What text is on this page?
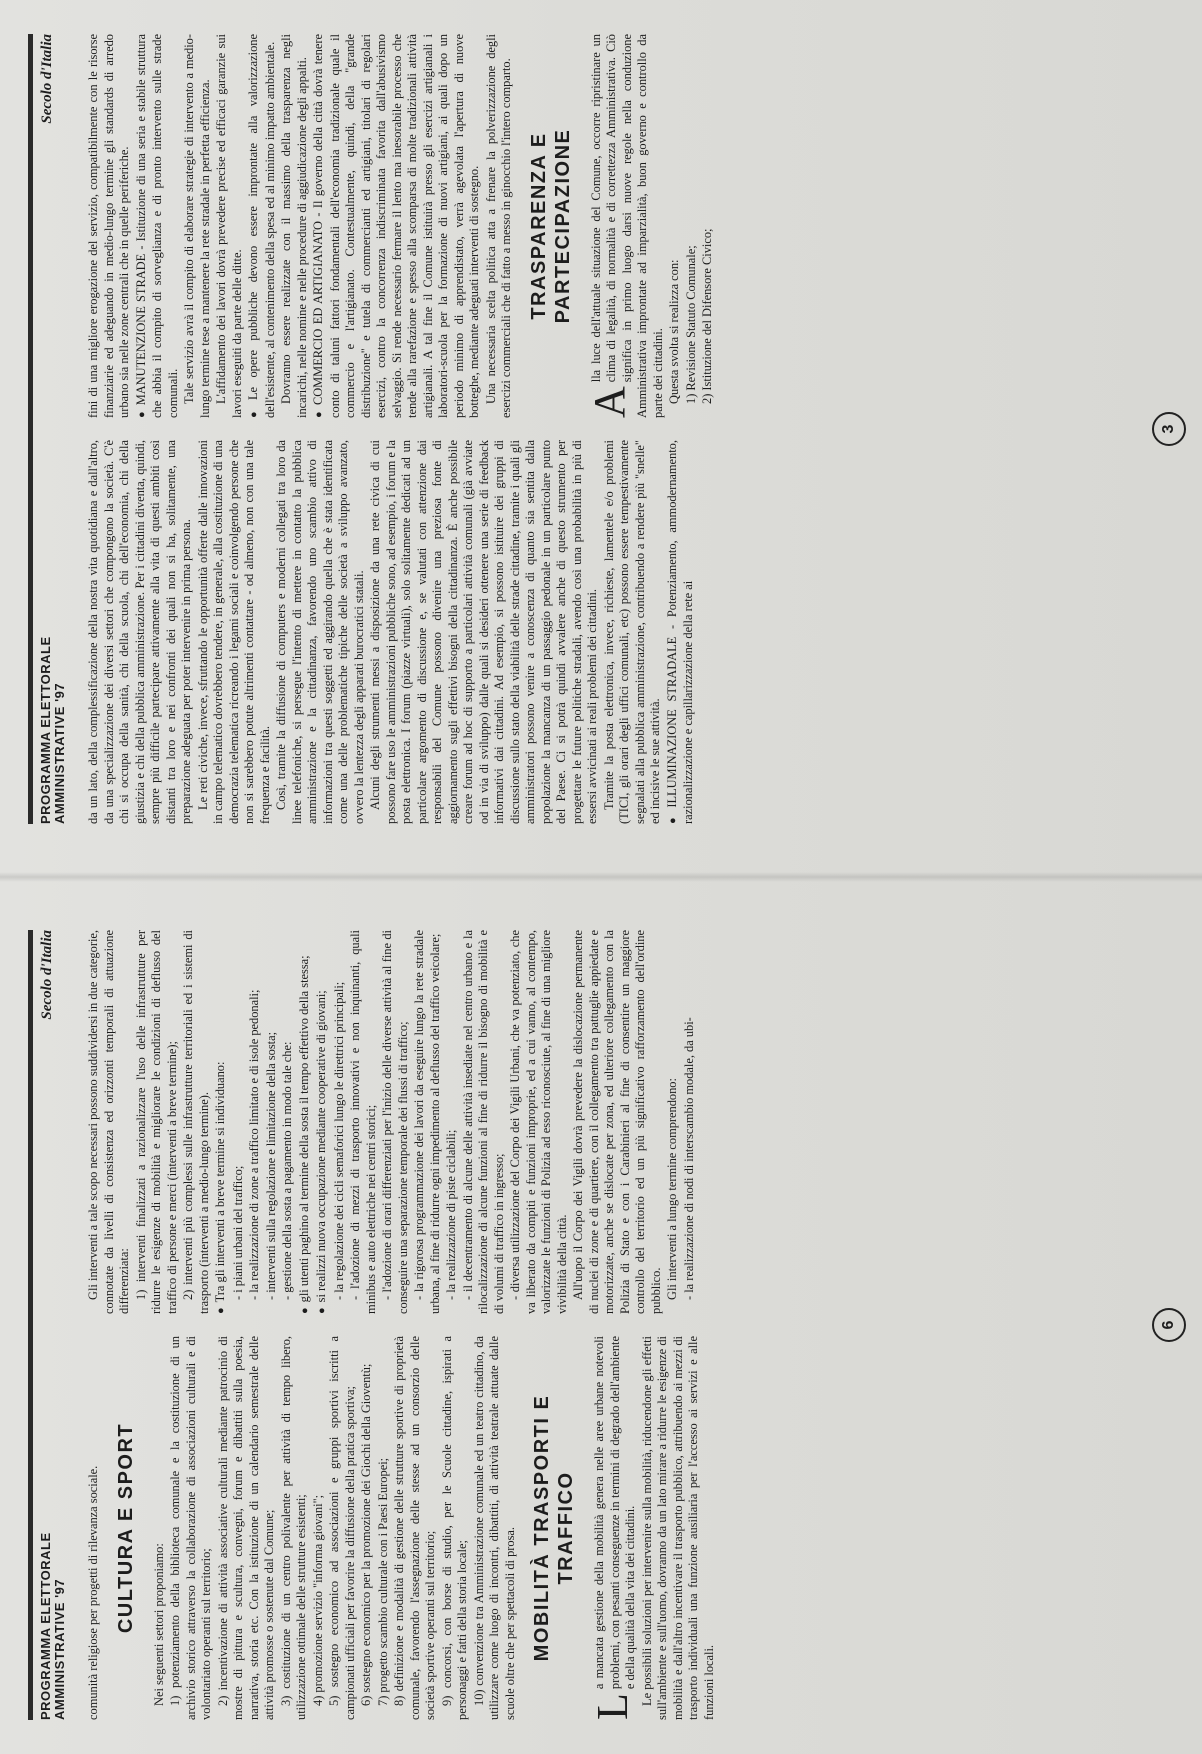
PROGRAMMA ELETTORALE AMMINISTRATIVE '97
Secolo d'Italia

comunità religiose per progetti di rilevanza sociale. CULTURA E SPORT Nei seguenti settori proponiamo: 1) potenziamento della biblioteca comunale e la costituzione di un archivio storico attraverso la collaborazione di associazioni culturali e di volontariato operanti sul territorio; 2) incentivazione di attività associative culturali mediante patrocinio di mostre di pittura e scultura, convegni, forum e dibattiti sulla poesia, narrativa, storia etc. Con la istituzione di un calendario semestrale delle attività promosse o sostenute dal Comune; 3) costituzione di un centro polivalente per attività di tempo libero, utilizzazione ottimale delle strutture esistenti; 4) promozione servizio "informa giovani"; 5) sostegno economico ad associazioni e gruppi sportivi iscritti a campionati ufficiali per favorire la diffusione della pratica sportiva; 6) sostegno economico per la promozione dei Giochi della Gioventù; 7) progetto scambio culturale con i Paesi Europei; 8) definizione e modalità di gestione delle strutture sportive di proprietà comunale, favorendo l'assegnazione delle stesse ad un consorzio delle società sportive operanti sul territorio; 9) concorsi, con borse di studio, per le Scuole cittadine, ispirati a personaggi e fatti della storia locale; 10) convenzione tra Amministrazione comunale ed un teatro cittadino, da utilizzare come luogo di incontri, dibattiti, di attività teatrale attuate dalle scuole oltre che per spettacoli di prosa. MOBILITÀ TRASPORTI E TRAFFICO

L
a mancata gestione della mobilità genera nelle aree urbane notevoli problemi, con pesanti conseguenze in termini di degrado dell'ambiente e della qualità della vita dei cittadini. Le possibili soluzioni per intervenire sulla mobilità, riducendone gli effetti sull'ambiente e sull'uomo, dovranno da un lato mirare a ridurre le esigenze di mobilità e dall'altro incentivare il trasporto pubblico, attribuendo ai mezzi di trasporto individuali una funzione ausiliaria per l'accesso ai servizi e alle funzioni locali.

Gli interventi a tale scopo necessari possono suddividersi in due categorie, connotate da livelli di consistenza ed orizzonti temporali di attuazione differenziata: 1) interventi finalizzati a razionalizzare l'uso delle infrastrutture per ridurre le esigenze di mobilità e migliorare le condizioni di deflusso del traffico di persone e merci (interventi a breve termine); 2) interventi più complessi sulle infrastrutture territoriali ed i sistemi di trasporto (interventi a medio-lungo termine). ● Tra gli interventi a breve termine si individuano: - i piani urbani del traffico; - la realizzazione di zone a traffico limitato e di isole pedonali; - interventi sulla regolazione e limitazione della sosta; - gestione della sosta a pagamento in modo tale che: ● gli utenti paghino al termine della sosta il tempo effettivo della stessa; ● si realizzi nuova occupazione mediante cooperative di giovani; - la regolazione dei cicli semaforici lungo le direttrici principali; - l'adozione di mezzi di trasporto innovativi e non inquinanti, quali minibus e auto elettriche nei centri storici; - l'adozione di orari differenziati per l'inizio delle diverse attività al fine di conseguire una separazione temporale dei flussi di traffico; - la rigorosa programmazione dei lavori da eseguire lungo la rete stradale urbana, al fine di ridurre ogni impedimento al deflusso del traffico veicolare; - la realizzazione di piste ciclabili; - il decentramento di alcune delle attività insediate nel centro urbano e la rilocalizzazione di alcune funzioni al fine di ridurre il bisogno di mobilità e di volumi di traffico in ingresso; - diversa utilizzazione del Corpo dei Vigili Urbani, che va potenziato, che va liberato da compiti e funzioni improprie, ed a cui vanno, al contempo, valorizzate le funzioni di Polizia ad esso riconosciute, al fine di una migliore vivibilità della città. All'uopo il Corpo dei Vigili dovrà prevedere la dislocazione permanente di nuclei di zone e di quartiere, con il collegamento tra pattuglie appiedate e motorizzate, anche se dislocate per zona, ed ulteriore collegamento con la Polizia di Stato e con i Carabinieri al fine di consentire un maggiore controllo del territorio ed un più significativo rafforzamento dell'ordine pubblico. Gli interventi a lungo termine comprendono: - la realizzazione di nodi di interscambio modale, da ubi-

6
PROGRAMMA ELETTORALE AMMINISTRATIVE '97
Secolo d'Italia

da un lato, della complessificazione della nostra vita quotidiana e dall'altro, da una specializzazione dei diversi settori che compongono la società. C'è chi si occupa della sanità, chi della scuola, chi dell'economia, chi della giustizia e chi della pubblica amministrazione. Per i cittadini diventa, quindi, sempre più difficile partecipare attivamente alla vita di questi ambiti così distanti tra loro e nei confronti dei quali non si ha, solitamente, una preparazione adeguata per poter intervenire in prima persona. Le reti civiche, invece, sfruttando le opportunità offerte dalle innovazioni in campo telematico dovrebbero tendere, in generale, alla costituzione di una democrazia telematica ricreando i legami sociali e coinvolgendo persone che non si sarebbero potute altrimenti contattare - od almeno, non con una tale frequenza e facilità. Così, tramite la diffusione di computers e moderni collegati tra loro da linee telefoniche, si persegue l'intento di mettere in contatto la pubblica amministrazione e la cittadinanza, favorendo uno scambio attivo di informazioni tra questi soggetti ed aggirando quella che è stata identificata come una delle problematiche tipiche delle società a sviluppo avanzato, ovvero la lentezza degli apparati burocratici statali. Alcuni degli strumenti messi a disposizione da una rete civica di cui possono fare uso le amministrazioni pubbliche sono, ad esempio, i forum e la posta elettronica. I forum (piazze virtuali), solo solitamente dedicati ad un particolare argomento di discussione e, se valutati con attenzione dai responsabili del Comune possono divenire una preziosa fonte di aggiornamento sugli effettivi bisogni della cittadinanza. È anche possibile creare forum ad hoc di supporto a particolari attività comunali (già avviate od in via di sviluppo) dalle quali si desideri ottenere una serie di feedback informativi dai cittadini. Ad esempio, si possono istituire dei gruppi di discussione sullo stato della viabilità delle strade cittadine, tramite i quali gli amministratori possono venire a conoscenza di quanto sia sentita dalla popolazione la mancanza di un passaggio pedonale in un particolare punto del Paese. Ci si potrà quindi avvalere anche di questo strumento per progettare le future politiche stradali, avendo così una probabilità in più di essersi avvicinati ai reali problemi dei cittadini. Tramite la posta elettronica, invece, richieste, lamentele e/o problemi (TICI, gli orari degli uffici comunali, etc) possono essere tempestivamente segnalati alla pubblica amministrazione, contribuendo a rendere più "snelle" ed incisive le sue attività. ● ILLUMINAZIONE STRADALE - Potenziamento, ammodernamento, razionalizzazione e capillarizzazione della rete ai

fini di una migliore erogazione del servizio, compatibilmente con le risorse finanziarie ed adeguando in medio-lungo termine gli standards di arredo urbano sia nelle zone centrali che in quelle periferiche. ● MANUTENZIONE STRADE - Istituzione di una seria e stabile struttura che abbia il compito di sorveglianza e di pronto intervento sulle strade comunali. Tale servizio avrà il compito di elaborare strategie di intervento a medio-lungo termine tese a mantenere la rete stradale in perfetta efficienza. L'affidamento dei lavori dovrà prevedere precise ed efficaci garanzie sui lavori eseguiti da parte delle ditte. ● Le opere pubbliche devono essere improntate alla valorizzazione dell'esistente, al contenimento della spesa ed al minimo impatto ambientale. Dovranno essere realizzate con il massimo della trasparenza negli incarichi, nelle nomine e nelle procedure di aggiudicazione degli appalti. ● COMMERCIO ED ARTIGIANATO - Il governo della città dovrà tenere conto di taluni fattori fondamentali dell'economia tradizionale quale il commercio e l'artigianato. Contestualmente, quindi, della "grande distribuzione" e tutela di commercianti ed artigiani, titolari di regolari esercizi, contro la concorrenza indiscriminata favorita dall'abusivismo selvaggio. Si rende necessario fermare il lento ma inesorabile processo che tende alla rarefazione e spesso alla scomparsa di molte tradizionali attività artigianali. A tal fine il Comune istituirà presso gli esercizi artigianali i laboratori-scuola per la formazione di nuovi artigiani, ai quali dopo un periodo minimo di apprendistato, verrà agevolata l'apertura di nuove botteghe, mediante adeguati interventi di sostegno. Una necessaria scelta politica atta a frenare la polverizzazione degli esercizi commerciali che di fatto a messo in ginocchio l'intero comparto. TRASPARENZA E PARTECIPAZIONE

A
lla luce dell'attuale situazione del Comune, occorre ripristinare un clima di legalità, di normalità e di correttezza Amministrativa. Ciò significa in primo luogo darsi nuove regole nella conduzione Amministrativa improntate ad imparzialità, buon governo e controllo da parte dei cittadini. Questa svolta si realizza con: 1) Revisione Statuto Comunale; 2) Istituzione del Difensore Civico;

3
